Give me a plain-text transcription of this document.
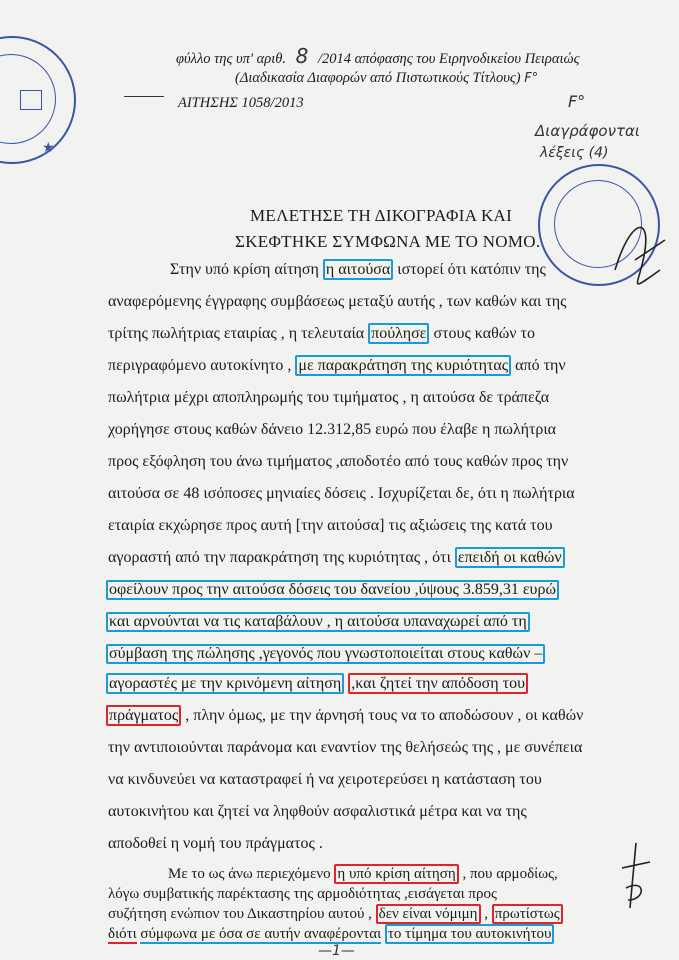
★
φύλλο της υπ' αριθ. 8 /2014 απόφασης του Ειρηνοδικείου Πειραιώς
(Διαδικασία Διαφορών από Πιστωτικούς Τίτλους) F°
ΑΙΤΗΣΗΣ 1058/2013	F°
Διαγράφονται
λέξεις (4)
ΜΕΛΕΤΗΣΕ ΤΗ ΔΙΚΟΓΡΑΦΙΑ ΚΑΙ
ΣΚΕΦΤΗΚΕ ΣΥΜΦΩΝΑ ΜΕ ΤΟ ΝΟΜΟ.
Στην υπό κρίση αίτηση η αιτούσα ιστορεί ότι κατόπιν της
αναφερόμενης έγγραφης συμβάσεως μεταξύ αυτής , των καθών και της
τρίτης πωλήτριας εταιρίας , η τελευταία πούλησε στους καθών το
περιγραφόμενο αυτοκίνητο , με παρακράτηση της κυριότητας από την
πωλήτρια μέχρι αποπληρωμής του τιμήματος , η αιτούσα δε τράπεζα
χορήγησε στους καθών δάνειο 12.312,85 ευρώ που έλαβε η πωλήτρια
προς εξόφληση του άνω τιμήματος ,αποδοτέο από τους καθών προς την
αιτούσα σε 48 ισόποσες μηνιαίες δόσεις . Ισχυρίζεται δε, ότι η πωλήτρια
εταιρία εκχώρησε προς αυτή [την αιτούσα] τις αξιώσεις της κατά του
αγοραστή από την παρακράτηση της κυριότητας , ότι επειδή οι καθών
οφείλουν προς την αιτούσα δόσεις του δανείου ,ύψους 3.859,31 ευρώ
και αρνούνται να τις καταβάλουν , η αιτούσα υπαναχωρεί από τη
σύμβαση της πώλησης ,γεγονός που γνωστοποιείται στους καθών –
αγοραστές με την κρινόμενη αίτηση ,και ζητεί την απόδοση του
πράγματος , πλην όμως, με την άρνησή τους να το αποδώσουν , οι καθών
την αντιποιούνται παράνομα και εναντίον της θελήσεώς της , με συνέπεια
να κινδυνεύει να καταστραφεί ή να χειροτερεύσει η κατάσταση του
αυτοκινήτου και ζητεί να ληφθούν ασφαλιστικά μέτρα και να της
αποδοθεί η νομή του πράγματος .
Με το ως άνω περιεχόμενο η υπό κρίση αίτηση , που αρμοδίως,
λόγω συμβατικής παρέκτασης της αρμοδιότητας ,εισάγεται προς
συζήτηση ενώπιον του Δικαστηρίου αυτού , δεν είναι νόμιμη , πρωτίστως
διότι σύμφωνα με όσα σε αυτήν αναφέρονται το τίμημα του αυτοκινήτου
—1—
